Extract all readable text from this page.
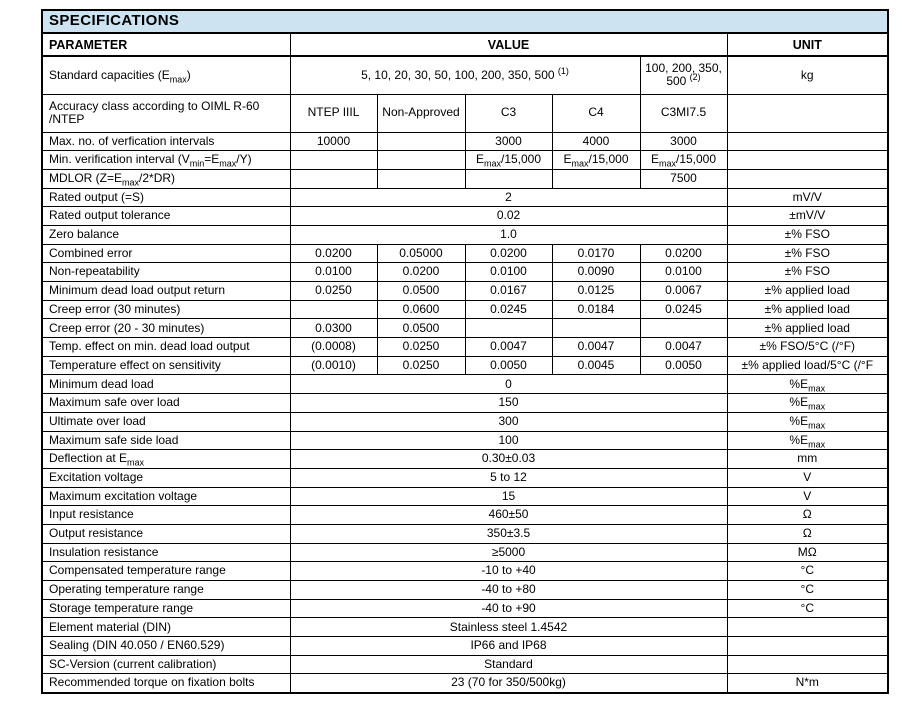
SPECIFICATIONS						
PARAMETER	VALUE					UNIT
Standard capacities $(E_{max})$	5, 10, 20, 30, 50, 100, 200, 350, 500 $^{(1)}$				100, 200, 350, 500 $^{(2)}$	kg
Accuracy class according to OIML R-60 /NTEP	NTEP IIIL	Non-Approved	C3	C4	C3MI7.5	
Max. no. of verfication intervals	10000		3000	4000	3000	
Min. verification interval $(V_{min}=E_{max}/Y)$			$E_{max}/15,000$	$E_{max}/15,000$	$E_{max}/15,000$	
MDLOR $(Z=E_{max}/2*DR)$					7500	
Rated output (=S)	2					mV/V
Rated output tolerance	0.02					±mV/V
Zero balance	1.0					±% FSO
Combined error	0.0200	0.05000	0.0200	0.0170	0.0200	±% FSO
Non-repeatability	0.0100	0.0200	0.0100	0.0090	0.0100	±% FSO
Minimum dead load output return	0.0250	0.0500	0.0167	0.0125	0.0067	±% applied load
Creep error (30 minutes)		0.0600	0.0245	0.0184	0.0245	±% applied load
Creep error (20 - 30 minutes)	0.0300	0.0500				±% applied load
Temp. effect on min. dead load output	(0.0008)	0.0250	0.0047	0.0047	0.0047	±% FSO/5°C (/°F)
Temperature effect on sensitivity	(0.0010)	0.0250	0.0050	0.0045	0.0050	±% applied load/5°C (/°F
Minimum dead load	0					$\%E_{max}$
Maximum safe over load	150					$\%E_{max}$
Ultimate over load	300					$\%E_{max}$
Maximum safe side load	100					$\%E_{max}$
Deflection at $E_{max}$	0.30±0.03					mm
Excitation voltage	5 to 12					V
Maximum excitation voltage	15					V
Input resistance	460±50					Ω
Output resistance	350±3.5					Ω
Insulation resistance	≥5000					MΩ
Compensated temperature range	-10 to +40					°C
Operating temperature range	-40 to +80					°C
Storage temperature range	-40 to +90					°C
Element material (DIN)	Stainless steel 1.4542					
Sealing (DIN 40.050 / EN60.529)	IP66 and IP68					
SC-Version (current calibration)	Standard					
Recommended torque on fixation bolts	23 (70 for 350/500kg)					N*m
